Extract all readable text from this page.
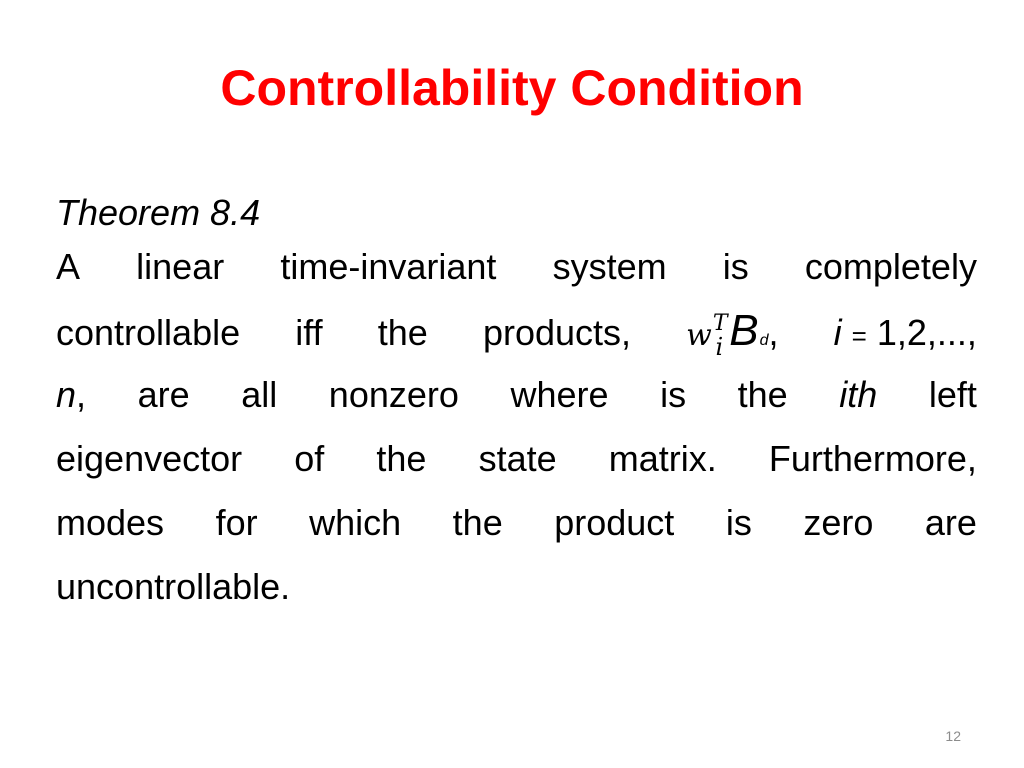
Controllability Condition
Theorem 8.4
A linear time-invariant system is completely
controllable iff the products, $w^T_i$ Bd, i = 1,2,...,
n, are all nonzero where is the ith left
eigenvector of the state matrix. Furthermore,
modes for which the product is zero are
uncontrollable.
12
